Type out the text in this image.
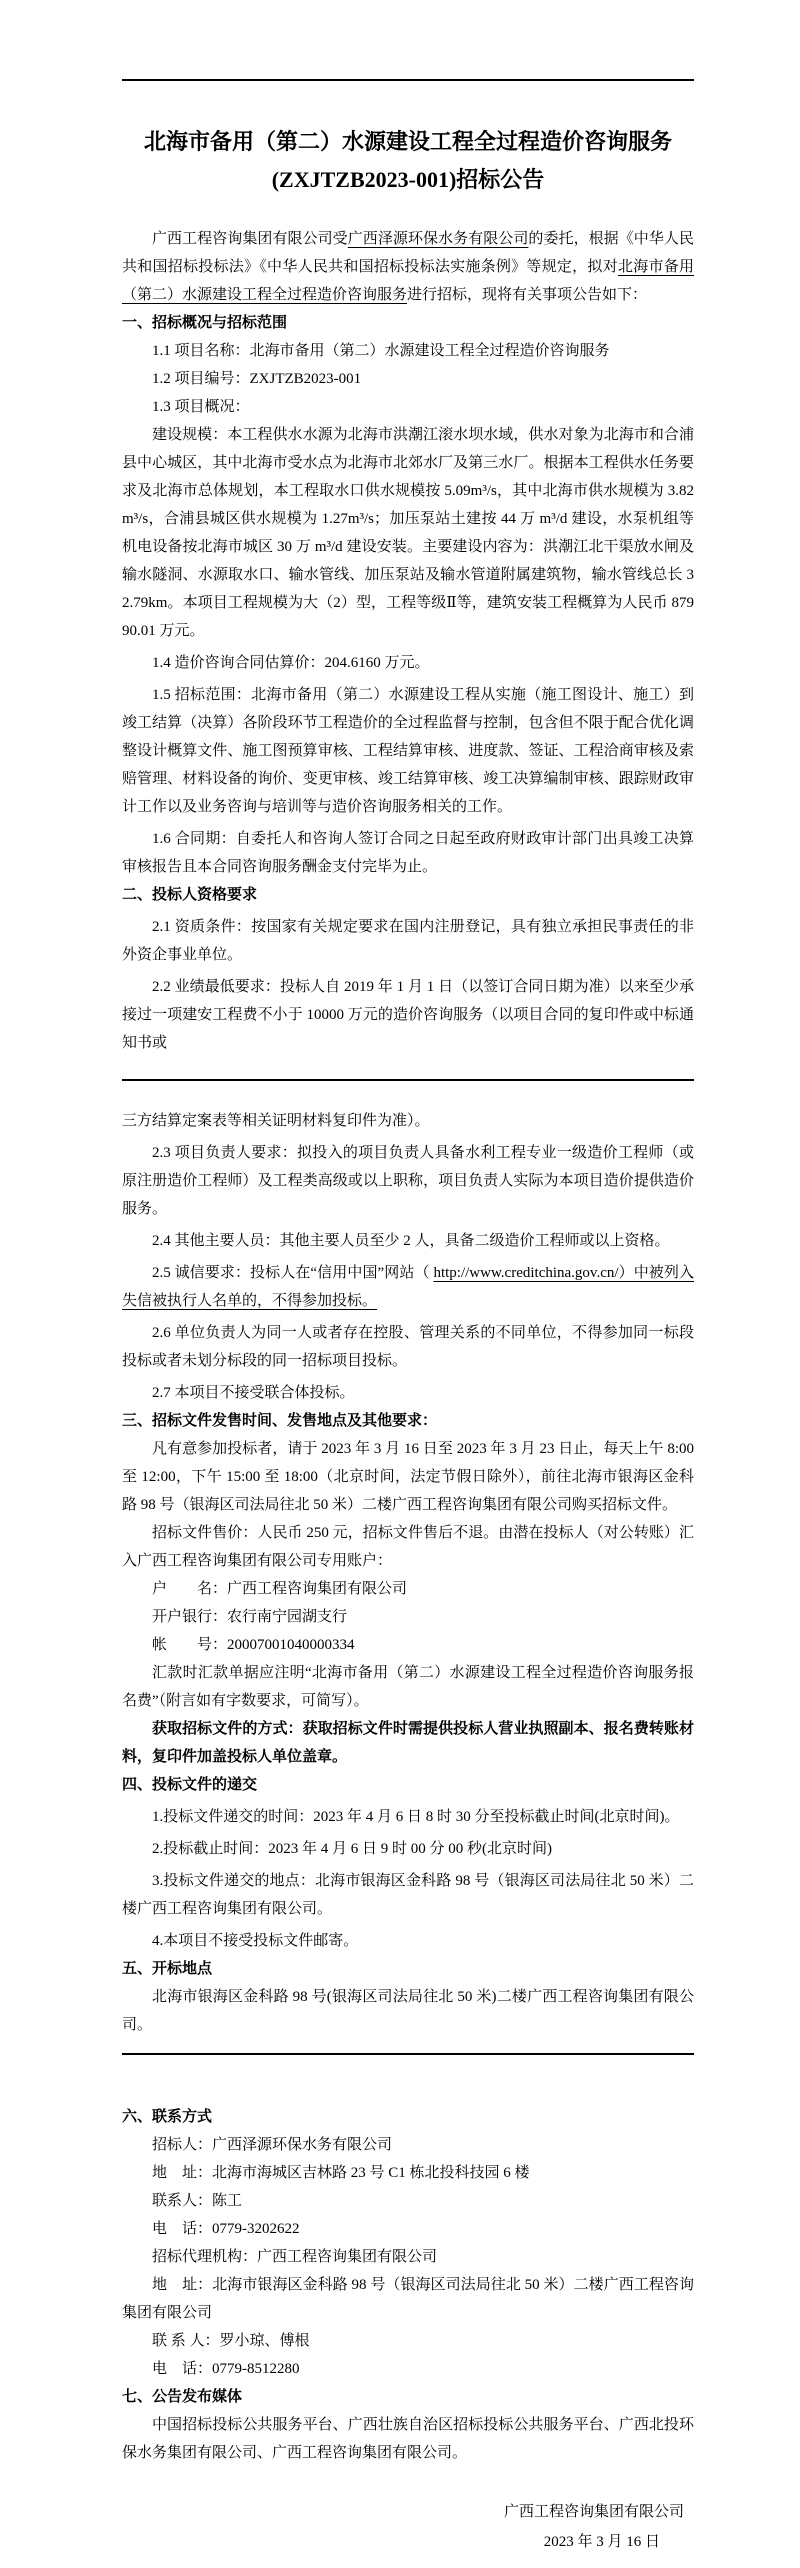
北海市备用（第二）水源建设工程全过程造价咨询服务
(ZXJTZB2023-001)招标公告

广西工程咨询集团有限公司受广西泽源环保水务有限公司的委托，根据《中华人民共和国招标投标法》《中华人民共和国招标投标法实施条例》等规定，拟对北海市备用（第二）水源建设工程全过程造价咨询服务进行招标，现将有关事项公告如下：

一、招标概况与招标范围

1.1 项目名称：北海市备用（第二）水源建设工程全过程造价咨询服务

1.2 项目编号：ZXJTZB2023-001

1.3 项目概况：

建设规模：本工程供水水源为北海市洪潮江滚水坝水域，供水对象为北海市和合浦县中心城区，其中北海市受水点为北海市北郊水厂及第三水厂。根据本工程供水任务要求及北海市总体规划，本工程取水口供水规模按 5.09m³/s，其中北海市供水规模为 3.82m³/s，合浦县城区供水规模为 1.27m³/s；加压泵站土建按 44 万 m³/d 建设，水泵机组等机电设备按北海市城区 30 万 m³/d 建设安装。主要建设内容为：洪潮江北干渠放水闸及输水隧洞、水源取水口、输水管线、加压泵站及输水管道附属建筑物，输水管线总长 32.79km。本项目工程规模为大（2）型，工程等级Ⅱ等，建筑安装工程概算为人民币 87990.01 万元。

1.4 造价咨询合同估算价：204.6160 万元。

1.5 招标范围：北海市备用（第二）水源建设工程从实施（施工图设计、施工）到竣工结算（决算）各阶段环节工程造价的全过程监督与控制，包含但不限于配合优化调整设计概算文件、施工图预算审核、工程结算审核、进度款、签证、工程洽商审核及索赔管理、材料设备的询价、变更审核、竣工结算审核、竣工决算编制审核、跟踪财政审计工作以及业务咨询与培训等与造价咨询服务相关的工作。

1.6 合同期：自委托人和咨询人签订合同之日起至政府财政审计部门出具竣工决算审核报告且本合同咨询服务酬金支付完毕为止。

二、投标人资格要求

2.1 资质条件：按国家有关规定要求在国内注册登记，具有独立承担民事责任的非外资企事业单位。

2.2 业绩最低要求：投标人自 2019 年 1 月 1 日（以签订合同日期为准）以来至少承接过一项建安工程费不小于 10000 万元的造价咨询服务（以项目合同的复印件或中标通知书或

三方结算定案表等相关证明材料复印件为准）。

2.3 项目负责人要求：拟投入的项目负责人具备水利工程专业一级造价工程师（或原注册造价工程师）及工程类高级或以上职称，项目负责人实际为本项目造价提供造价服务。

2.4 其他主要人员：其他主要人员至少 2 人，具备二级造价工程师或以上资格。

2.5 诚信要求：投标人在“信用中国”网站（ http://www.creditchina.gov.cn/）中被列入失信被执行人名单的，不得参加投标。

2.6 单位负责人为同一人或者存在控股、管理关系的不同单位，不得参加同一标段投标或者未划分标段的同一招标项目投标。

2.7 本项目不接受联合体投标。

三、招标文件发售时间、发售地点及其他要求：

凡有意参加投标者，请于 2023 年 3 月 16 日至 2023 年 3 月 23 日止，每天上午 8:00 至 12:00，下午 15:00 至 18:00（北京时间，法定节假日除外），前往北海市银海区金科路 98 号（银海区司法局往北 50 米）二楼广西工程咨询集团有限公司购买招标文件。

招标文件售价：人民币 250 元，招标文件售后不退。由潜在投标人（对公转账）汇入广西工程咨询集团有限公司专用账户：

户　　名：广西工程咨询集团有限公司

开户银行：农行南宁园湖支行

帐　　号：20007001040000334

汇款时汇款单据应注明“北海市备用（第二）水源建设工程全过程造价咨询服务报名费”（附言如有字数要求，可简写）。

获取招标文件的方式：获取招标文件时需提供投标人营业执照副本、报名费转账材料，复印件加盖投标人单位盖章。

四、投标文件的递交

1.投标文件递交的时间：2023 年 4 月 6 日 8 时 30 分至投标截止时间(北京时间)。

2.投标截止时间：2023 年 4 月 6 日 9 时 00 分 00 秒(北京时间)

3.投标文件递交的地点：北海市银海区金科路 98 号（银海区司法局往北 50 米）二楼广西工程咨询集团有限公司。

4.本项目不接受投标文件邮寄。

五、开标地点

北海市银海区金科路 98 号(银海区司法局往北 50 米)二楼广西工程咨询集团有限公司。

六、联系方式

招标人：广西泽源环保水务有限公司

地　址：北海市海城区吉林路 23 号 C1 栋北投科技园 6 楼

联系人：陈工

电　话：0779-3202622

招标代理机构：广西工程咨询集团有限公司

地　址：北海市银海区金科路 98 号（银海区司法局往北 50 米）二楼广西工程咨询集团有限公司

联 系 人：罗小琼、傅根

电　话：0779-8512280

七、公告发布媒体

中国招标投标公共服务平台、广西壮族自治区招标投标公共服务平台、广西北投环保水务集团有限公司、广西工程咨询集团有限公司。

广西工程咨询集团有限公司
2023 年 3 月 16 日
